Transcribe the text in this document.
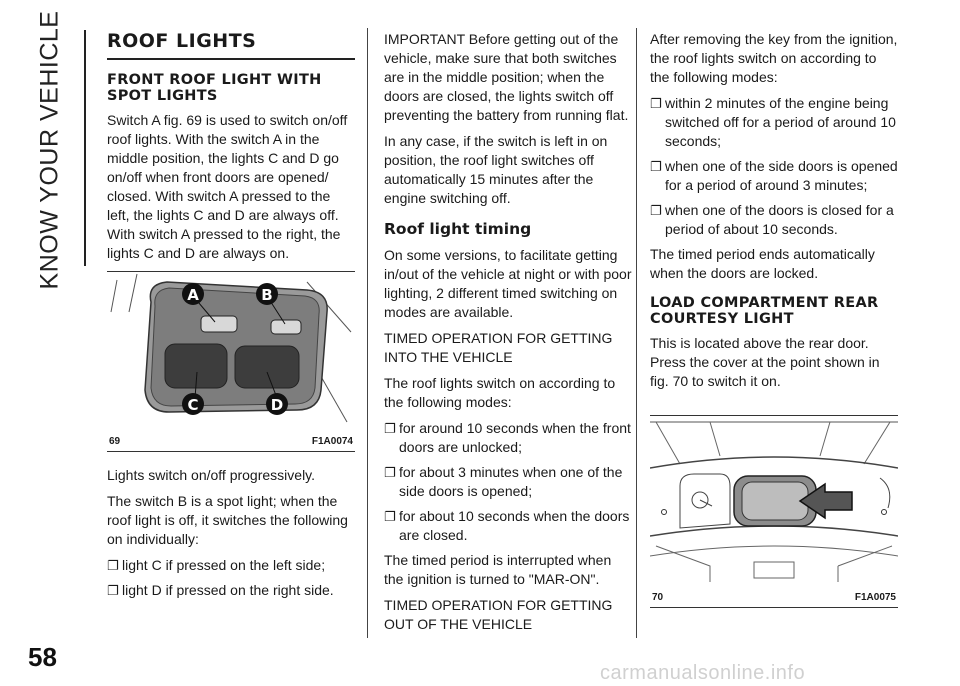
KNOW YOUR VEHICLE
58
carmanualsonline.info
ROOF LIGHTS
FRONT ROOF LIGHT WITH SPOT LIGHTS

Switch A fig. 69 is used to switch on/off roof lights. With the switch A in the middle position, the lights C and D go on/off when front doors are opened/ closed. With switch A pressed to the left, the lights C and D are always off. With switch A pressed to the right, the lights C and D are always on.

A	B
C	D
69	F1A0074

Lights switch on/off progressively.

The switch B is a spot light; when the roof light is off, it switches the following on individually:

❐ light C if pressed on the left side;
❐ light D if pressed on the right side.

IMPORTANT Before getting out of the vehicle, make sure that both switches are in the middle position; when the doors are closed, the lights switch off preventing the battery from running flat.

In any case, if the switch is left in on position, the roof light switches off automatically 15 minutes after the engine switching off.

Roof light timing

On some versions, to facilitate getting in/out of the vehicle at night or with poor lighting, 2 different timed switching on modes are available.

TIMED OPERATION FOR GETTING INTO THE VEHICLE

The roof lights switch on according to the following modes:

❐ for around 10 seconds when the front doors are unlocked;
❐ for about 3 minutes when one of the side doors is opened;
❐ for about 10 seconds when the doors are closed.

The timed period is interrupted when the ignition is turned to "MAR-ON".

TIMED OPERATION FOR GETTING OUT OF THE VEHICLE

After removing the key from the ignition, the roof lights switch on according to the following modes:

❐ within 2 minutes of the engine being switched off for a period of around 10 seconds;
❐ when one of the side doors is opened for a period of around 3 minutes;
❐ when one of the doors is closed for a period of about 10 seconds.

The timed period ends automatically when the doors are locked.

LOAD COMPARTMENT REAR COURTESY LIGHT

This is located above the rear door. Press the cover at the point shown in fig. 70 to switch it on.

70	F1A0075
